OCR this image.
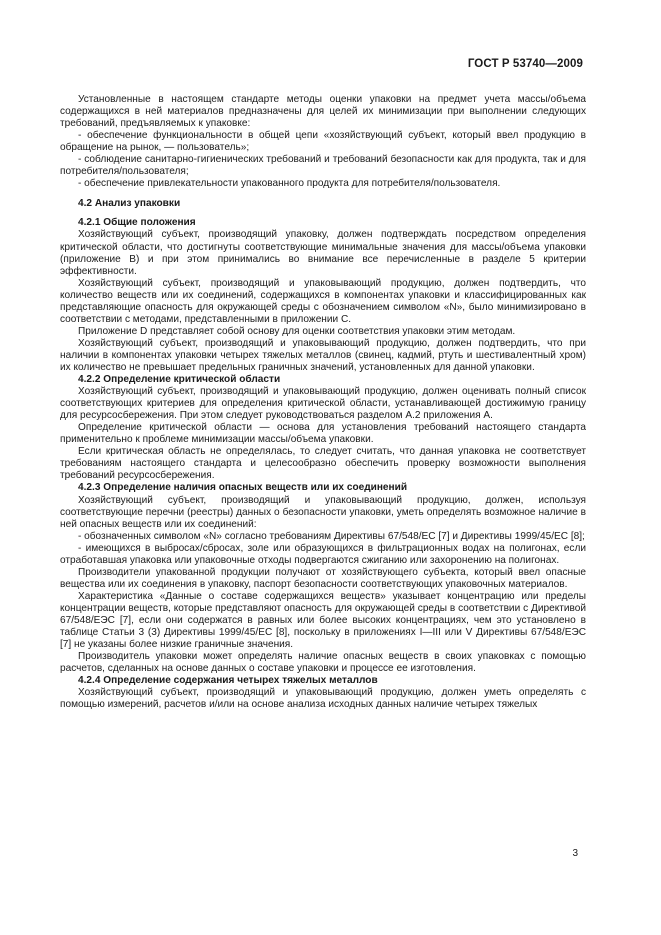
ГОСТ Р 53740—2009

Установленные в настоящем стандарте методы оценки упаковки на предмет учета массы/объема содержащихся в ней материалов предназначены для целей их минимизации при выполнении следующих требований, предъявляемых к упаковке:

- обеспечение функциональности в общей цепи «хозяйствующий субъект, который ввел продукцию в обращение на рынок, — пользователь»;

- соблюдение санитарно-гигиенических требований и требований безопасности как для продукта, так и для потребителя/пользователя;

- обеспечение привлекательности упакованного продукта для потребителя/пользователя.

4.2 Анализ упаковки

4.2.1 Общие положения

Хозяйствующий субъект, производящий упаковку, должен подтверждать посредством определения критической области, что достигнуты соответствующие минимальные значения для массы/объема упаковки (приложение B) и при этом принимались во внимание все перечисленные в разделе 5 критерии эффективности.

Хозяйствующий субъект, производящий и упаковывающий продукцию, должен подтвердить, что количество веществ или их соединений, содержащихся в компонентах упаковки и классифицированных как представляющие опасность для окружающей среды с обозначением символом «N», было минимизировано в соответствии с методами, представленными в приложении C.

Приложение D представляет собой основу для оценки соответствия упаковки этим методам.

Хозяйствующий субъект, производящий и упаковывающий продукцию, должен подтвердить, что при наличии в компонентах упаковки четырех тяжелых металлов (свинец, кадмий, ртуть и шестивалентный хром) их количество не превышает предельных граничных значений, установленных для данной упаковки.

4.2.2 Определение критической области

Хозяйствующий субъект, производящий и упаковывающий продукцию, должен оценивать полный список соответствующих критериев для определения критической области, устанавливающей достижимую границу для ресурсосбережения. При этом следует руководствоваться разделом A.2 приложения A.

Определение критической области — основа для установления требований настоящего стандарта применительно к проблеме минимизации массы/объема упаковки.

Если критическая область не определялась, то следует считать, что данная упаковка не соответствует требованиям настоящего стандарта и целесообразно обеспечить проверку возможности выполнения требований ресурсосбережения.

4.2.3 Определение наличия опасных веществ или их соединений

Хозяйствующий субъект, производящий и упаковывающий продукцию, должен, используя соответствующие перечни (реестры) данных о безопасности упаковки, уметь определять возможное наличие в ней опасных веществ или их соединений:

- обозначенных символом «N» согласно требованиям Директивы 67/548/EC [7] и Директивы 1999/45/EC [8];

- имеющихся в выбросах/сбросах, золе или образующихся в фильтрационных водах на полигонах, если отработавшая упаковка или упаковочные отходы подвергаются сжиганию или захоронению на полигонах.

Производители упакованной продукции получают от хозяйствующего субъекта, который ввел опасные вещества или их соединения в упаковку, паспорт безопасности соответствующих упаковочных материалов.

Характеристика «Данные о составе содержащихся веществ» указывает концентрацию или пределы концентрации веществ, которые представляют опасность для окружающей среды в соответствии с Директивой 67/548/ЕЭС [7], если они содержатся в равных или более высоких концентрациях, чем это установлено в таблице Статьи 3 (3) Директивы 1999/45/EC [8], поскольку в приложениях I—III или V Директивы 67/548/ЕЭС [7] не указаны более низкие граничные значения.

Производитель упаковки может определять наличие опасных веществ в своих упаковках с помощью расчетов, сделанных на основе данных о составе упаковки и процессе ее изготовления.

4.2.4 Определение содержания четырех тяжелых металлов

Хозяйствующий субъект, производящий и упаковывающий продукцию, должен уметь определять с помощью измерений, расчетов и/или на основе анализа исходных данных наличие четырех тяжелых

3
